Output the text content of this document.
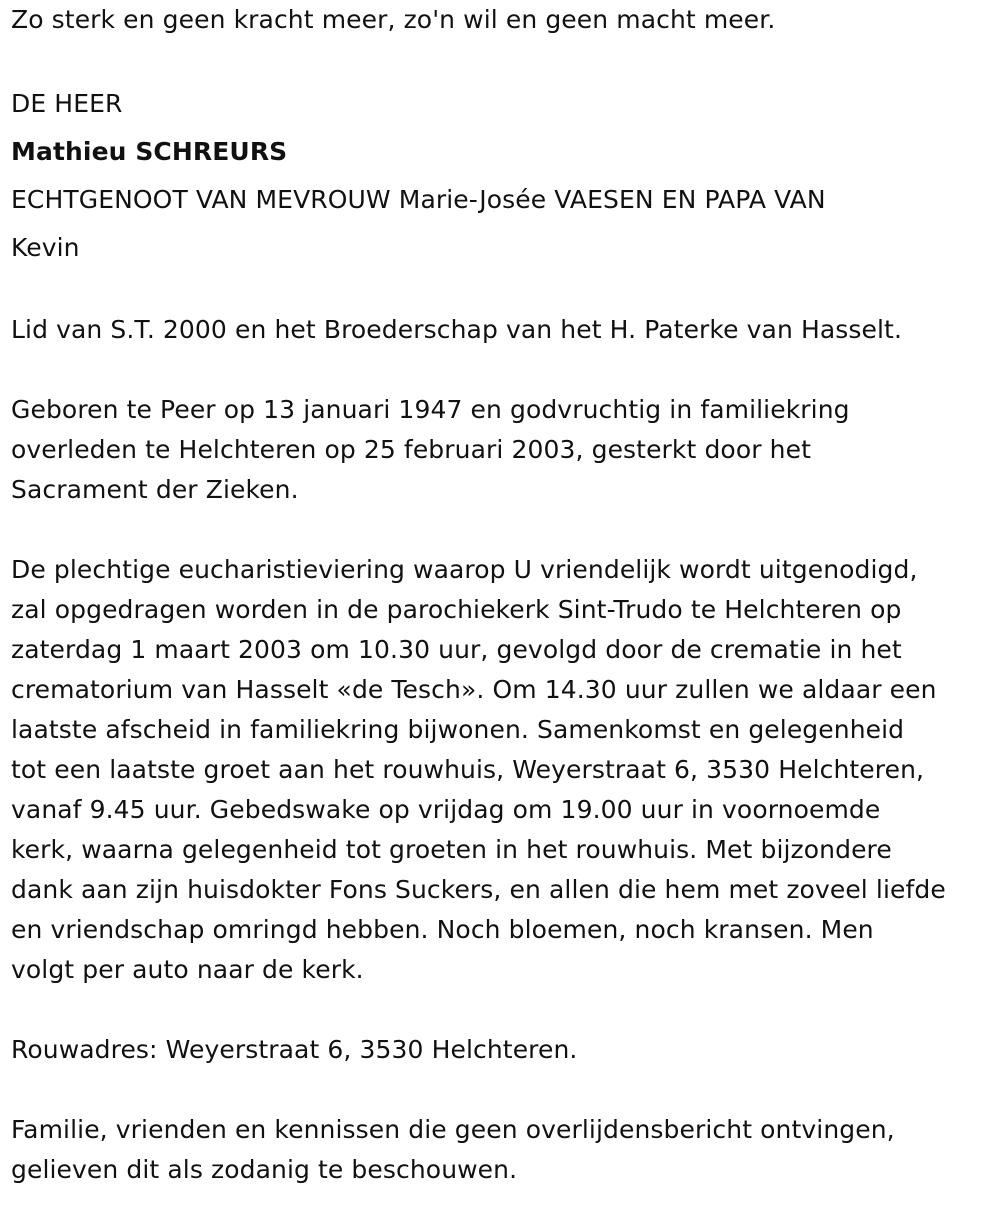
Zo sterk en geen kracht meer, zo'n wil en geen macht meer.
DE HEER
Mathieu SCHREURS
ECHTGENOOT VAN MEVROUW Marie-Josée VAESEN EN PAPA VAN
Kevin
Lid van S.T. 2000 en het Broederschap van het H. Paterke van Hasselt.
Geboren te Peer op 13 januari 1947 en godvruchtig in familiekring
overleden te Helchteren op 25 februari 2003, gesterkt door het
Sacrament der Zieken.
De plechtige eucharistieviering waarop U vriendelijk wordt uitgenodigd,
zal opgedragen worden in de parochiekerk Sint-Trudo te Helchteren op
zaterdag 1 maart 2003 om 10.30 uur, gevolgd door de crematie in het
crematorium van Hasselt «de Tesch». Om 14.30 uur zullen we aldaar een
laatste afscheid in familiekring bijwonen. Samenkomst en gelegenheid
tot een laatste groet aan het rouwhuis, Weyerstraat 6, 3530 Helchteren,
vanaf 9.45 uur. Gebedswake op vrijdag om 19.00 uur in voornoemde
kerk, waarna gelegenheid tot groeten in het rouwhuis. Met bijzondere
dank aan zijn huisdokter Fons Suckers, en allen die hem met zoveel liefde
en vriendschap omringd hebben. Noch bloemen, noch kransen. Men
volgt per auto naar de kerk.
Rouwadres: Weyerstraat 6, 3530 Helchteren.
Familie, vrienden en kennissen die geen overlijdensbericht ontvingen,
gelieven dit als zodanig te beschouwen.
